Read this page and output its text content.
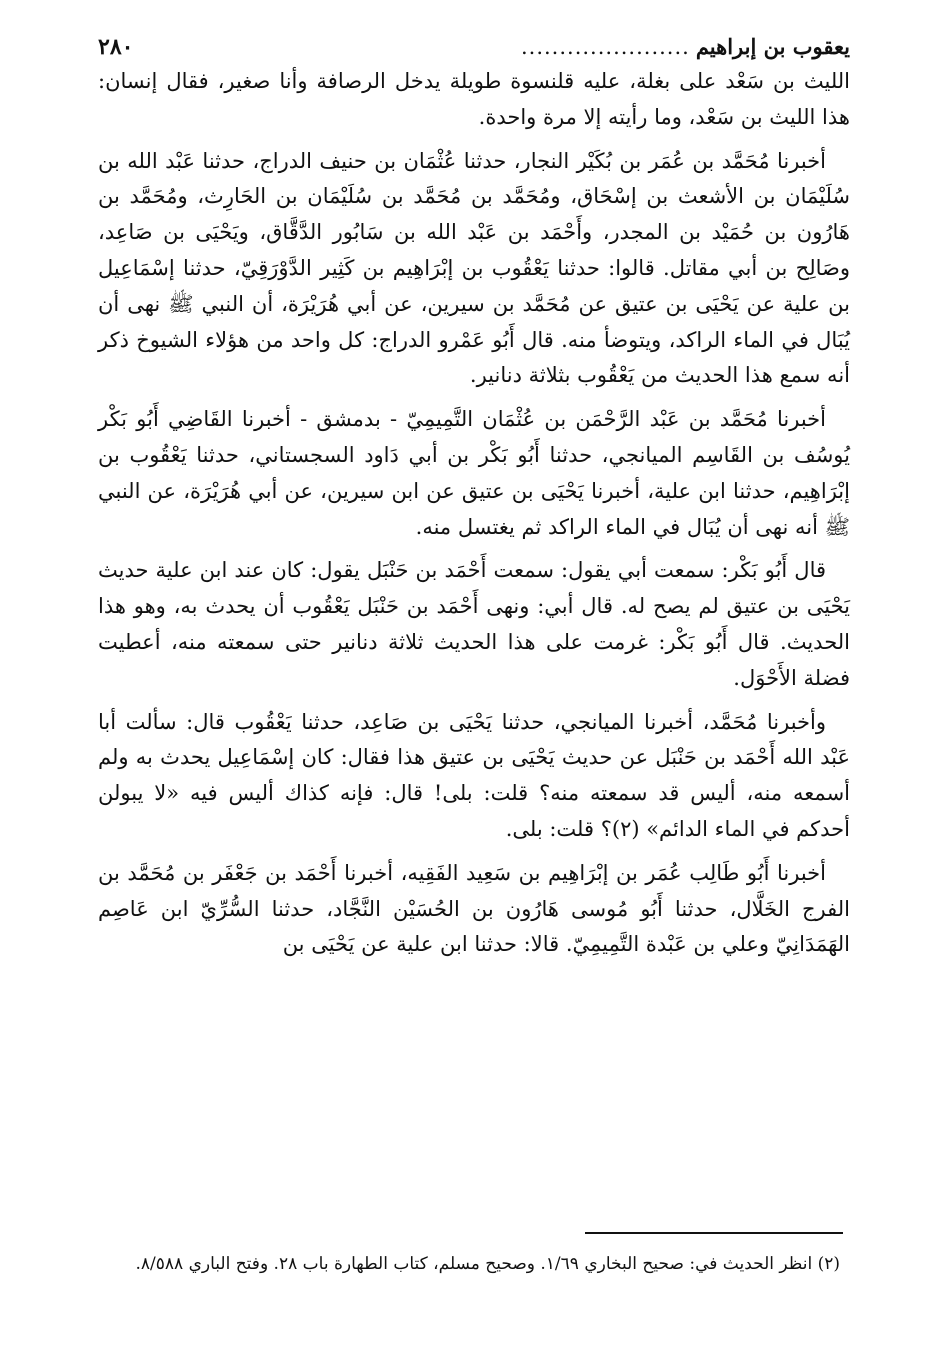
يعقوب بن إبراهيم
......................
٢٨٠

الليث بن سَعْد على بغلة، عليه قلنسوة طويلة يدخل الرصافة وأنا صغير، فقال إنسان: هذا الليث بن سَعْد، وما رأيته إلا مرة واحدة.

أخبرنا مُحَمَّد بن عُمَر بن بُكَيْر النجار، حدثنا عُثْمَان بن حنيف الدراج، حدثنا عَبْد الله بن سُلَيْمَان بن الأشعث بن إسْحَاق، ومُحَمَّد بن مُحَمَّد بن سُلَيْمَان بن الحَارِث، ومُحَمَّد بن هَارُون بن حُمَيْد بن المجدر، وأَحْمَد بن عَبْد الله بن سَابُور الدَّقَّاق، ويَحْيَى بن صَاعِد، وصَالِح بن أبي مقاتل. قالوا: حدثنا يَعْقُوب بن إبْرَاهِيم بن كَثِير الدَّوْرَقِيّ، حدثنا إسْمَاعِيل بن علية عن يَحْيَى بن عتيق عن مُحَمَّد بن سيرين، عن أبي هُرَيْرَة، أن النبي ﷺ نهى أن يُبَال في الماء الراكد، ويتوضأ منه. قال أَبُو عَمْرو الدراج: كل واحد من هؤلاء الشيوخ ذكر أنه سمع هذا الحديث من يَعْقُوب بثلاثة دنانير.

أخبرنا مُحَمَّد بن عَبْد الرَّحْمَن بن عُثْمَان التَّمِيمِيّ - بدمشق - أخبرنا القَاضِي أَبُو بَكْر يُوسُف بن القَاسِم الميانجي، حدثنا أَبُو بَكْر بن أبي دَاود السجستاني، حدثنا يَعْقُوب بن إبْرَاهِيم، حدثنا ابن علية، أخبرنا يَحْيَى بن عتيق عن ابن سيرين، عن أبي هُرَيْرَة، عن النبي ﷺ أنه نهى أن يُبَال في الماء الراكد ثم يغتسل منه.

قال أَبُو بَكْر: سمعت أبي يقول: سمعت أَحْمَد بن حَنْبَل يقول: كان عند ابن علية حديث يَحْيَى بن عتيق لم يصح له. قال أبي: ونهى أَحْمَد بن حَنْبَل يَعْقُوب أن يحدث به، وهو هذا الحديث. قال أَبُو بَكْر: غرمت على هذا الحديث ثلاثة دنانير حتى سمعته منه، أعطيت فضلة الأَحْوَل.

وأخبرنا مُحَمَّد، أخبرنا الميانجي، حدثنا يَحْيَى بن صَاعِد، حدثنا يَعْقُوب قال: سألت أبا عَبْد الله أَحْمَد بن حَنْبَل عن حديث يَحْيَى بن عتيق هذا فقال: كان إسْمَاعِيل يحدث به ولم أسمعه منه، أليس قد سمعته منه؟ قلت: بلى! قال: فإنه كذاك أليس فيه «لا يبولن أحدكم في الماء الدائم» (٢)؟ قلت: بلى.

أخبرنا أَبُو طَالِب عُمَر بن إبْرَاهِيم بن سَعِيد الفَقِيه، أخبرنا أَحْمَد بن جَعْفَر بن مُحَمَّد بن الفرج الخَلَّال، حدثنا أَبُو مُوسى هَارُون بن الحُسَيْن النَّجَّاد، حدثنا السُّرِّيّ ابن عَاصِم الهَمَدَانِيّ وعلي بن عَبْدة التَّمِيمِيّ. قالا: حدثنا ابن علية عن يَحْيَى بن

(٢) انظر الحديث في: صحيح البخاري ١/٦٩. وصحيح مسلم، كتاب الطهارة باب ٢٨. وفتح الباري ٨/٥٨٨.
